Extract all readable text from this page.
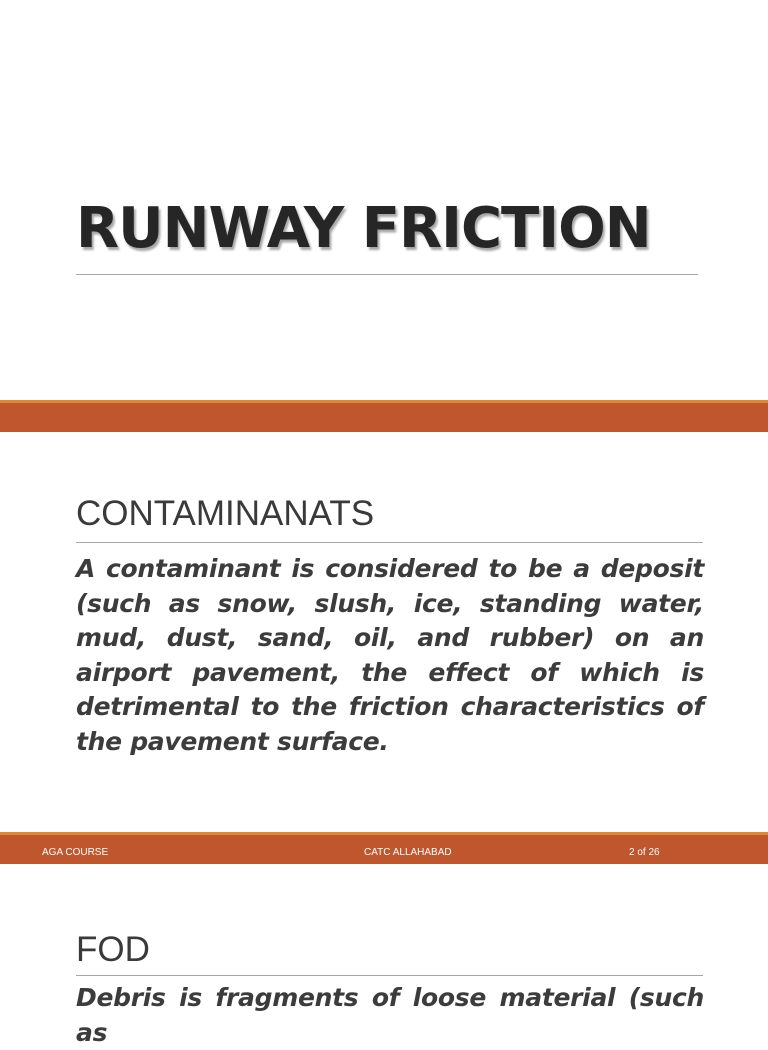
RUNWAY FRICTION
CONTAMINANATS
A contaminant is considered to be a deposit (such as snow, slush, ice, standing water, mud, dust, sand, oil, and rubber) on an airport pavement, the effect of which is detrimental to the friction characteristics of the pavement surface.
AGA COURSE	CATC ALLAHABAD	2 of 26
FOD
Debris is fragments of loose material (such as
